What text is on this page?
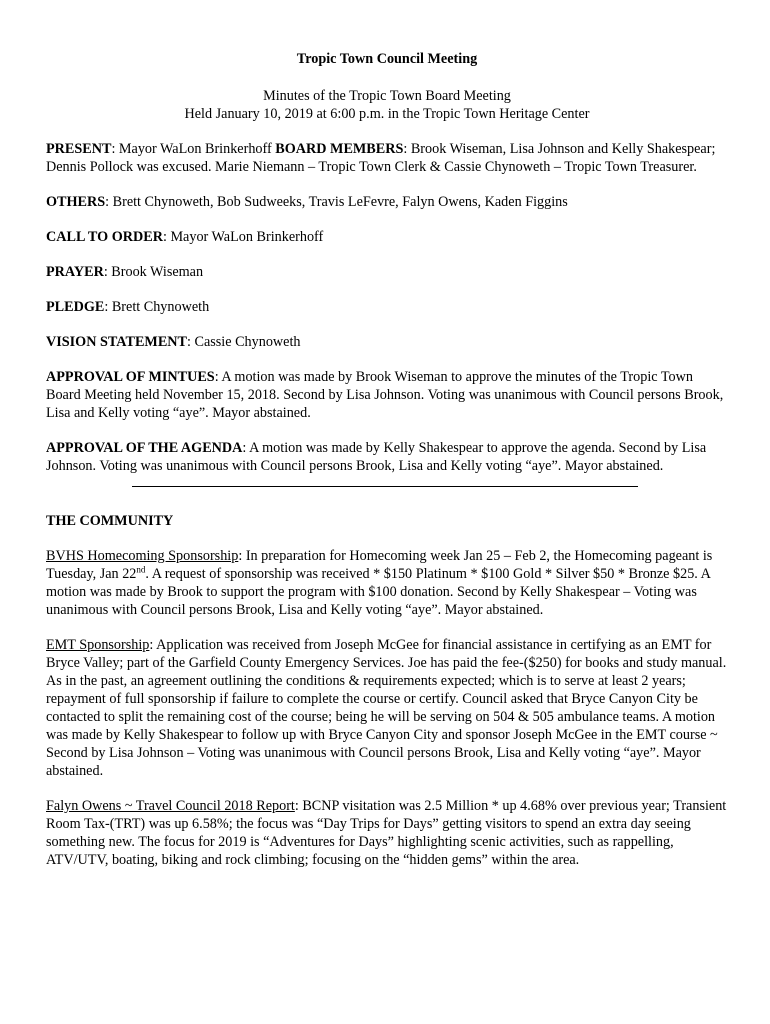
Tropic Town Council Meeting
Minutes of the Tropic Town Board Meeting
Held January 10, 2019 at 6:00 p.m. in the Tropic Town Heritage Center

PRESENT: Mayor WaLon Brinkerhoff BOARD MEMBERS: Brook Wiseman, Lisa Johnson and Kelly Shakespear; Dennis Pollock was excused. Marie Niemann – Tropic Town Clerk & Cassie Chynoweth – Tropic Town Treasurer.

OTHERS: Brett Chynoweth, Bob Sudweeks, Travis LeFevre, Falyn Owens, Kaden Figgins

CALL TO ORDER: Mayor WaLon Brinkerhoff

PRAYER: Brook Wiseman

PLEDGE: Brett Chynoweth

VISION STATEMENT: Cassie Chynoweth

APPROVAL OF MINTUES: A motion was made by Brook Wiseman to approve the minutes of the Tropic Town Board Meeting held November 15, 2018. Second by Lisa Johnson. Voting was unanimous with Council persons Brook, Lisa and Kelly voting “aye”. Mayor abstained.

APPROVAL OF THE AGENDA: A motion was made by Kelly Shakespear to approve the agenda. Second by Lisa Johnson. Voting was unanimous with Council persons Brook, Lisa and Kelly voting “aye”. Mayor abstained.

THE COMMUNITY

BVHS Homecoming Sponsorship: In preparation for Homecoming week Jan 25 – Feb 2, the Homecoming pageant is Tuesday, Jan 22nd. A request of sponsorship was received * $150 Platinum * $100 Gold * Silver $50 * Bronze $25. A motion was made by Brook to support the program with $100 donation. Second by Kelly Shakespear – Voting was unanimous with Council persons Brook, Lisa and Kelly voting “aye”. Mayor abstained.

EMT Sponsorship: Application was received from Joseph McGee for financial assistance in certifying as an EMT for Bryce Valley; part of the Garfield County Emergency Services. Joe has paid the fee-($250) for books and study manual. As in the past, an agreement outlining the conditions & requirements expected; which is to serve at least 2 years; repayment of full sponsorship if failure to complete the course or certify. Council asked that Bryce Canyon City be contacted to split the remaining cost of the course; being he will be serving on 504 & 505 ambulance teams. A motion was made by Kelly Shakespear to follow up with Bryce Canyon City and sponsor Joseph McGee in the EMT course ~ Second by Lisa Johnson – Voting was unanimous with Council persons Brook, Lisa and Kelly voting “aye”. Mayor abstained.

Falyn Owens ~ Travel Council 2018 Report: BCNP visitation was 2.5 Million * up 4.68% over previous year; Transient Room Tax-(TRT) was up 6.58%; the focus was “Day Trips for Days” getting visitors to spend an extra day seeing something new. The focus for 2019 is “Adventures for Days” highlighting scenic activities, such as rappelling, ATV/UTV, boating, biking and rock climbing; focusing on the “hidden gems” within the area.
